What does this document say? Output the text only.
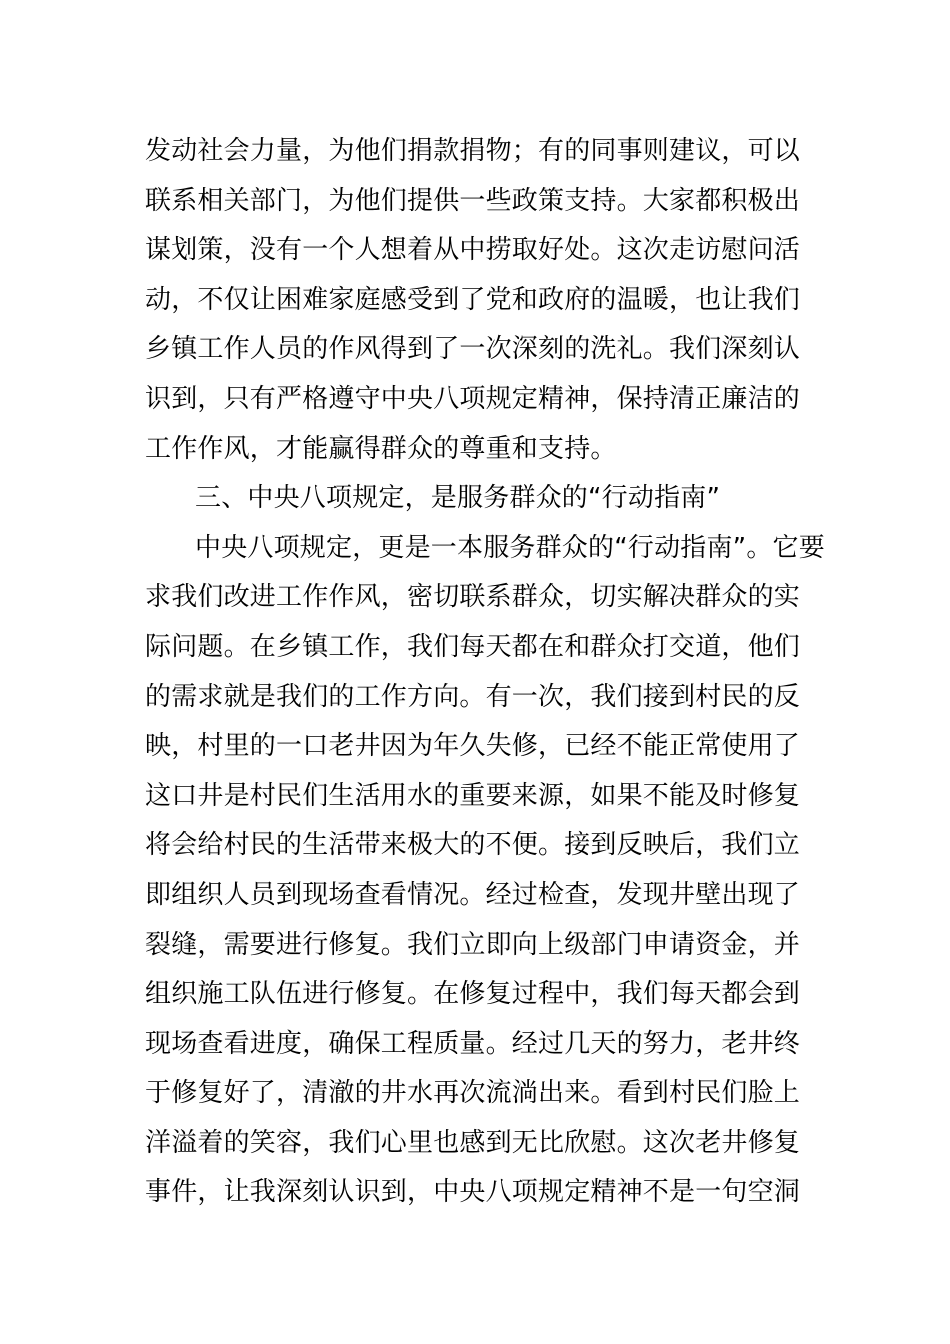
发动社会力量，为他们捐款捐物；有的同事则建议，可以
联系相关部门，为他们提供一些政策支持。大家都积极出
谋划策，没有一个人想着从中捞取好处。这次走访慰问活
动，不仅让困难家庭感受到了党和政府的温暖，也让我们
乡镇工作人员的作风得到了一次深刻的洗礼。我们深刻认
识到，只有严格遵守中央八项规定精神，保持清正廉洁的
工作作风，才能赢得群众的尊重和支持。
三、中央八项规定，是服务群众的“行动指南”
中央八项规定，更是一本服务群众的“行动指南”。它要
求我们改进工作作风，密切联系群众，切实解决群众的实
际问题。在乡镇工作，我们每天都在和群众打交道，他们
的需求就是我们的工作方向。有一次，我们接到村民的反
映，村里的一口老井因为年久失修，已经不能正常使用了
这口井是村民们生活用水的重要来源，如果不能及时修复
将会给村民的生活带来极大的不便。接到反映后，我们立
即组织人员到现场查看情况。经过检查，发现井壁出现了
裂缝，需要进行修复。我们立即向上级部门申请资金，并
组织施工队伍进行修复。在修复过程中，我们每天都会到
现场查看进度，确保工程质量。经过几天的努力，老井终
于修复好了，清澈的井水再次流淌出来。看到村民们脸上
洋溢着的笑容，我们心里也感到无比欣慰。这次老井修复
事件，让我深刻认识到，中央八项规定精神不是一句空洞
